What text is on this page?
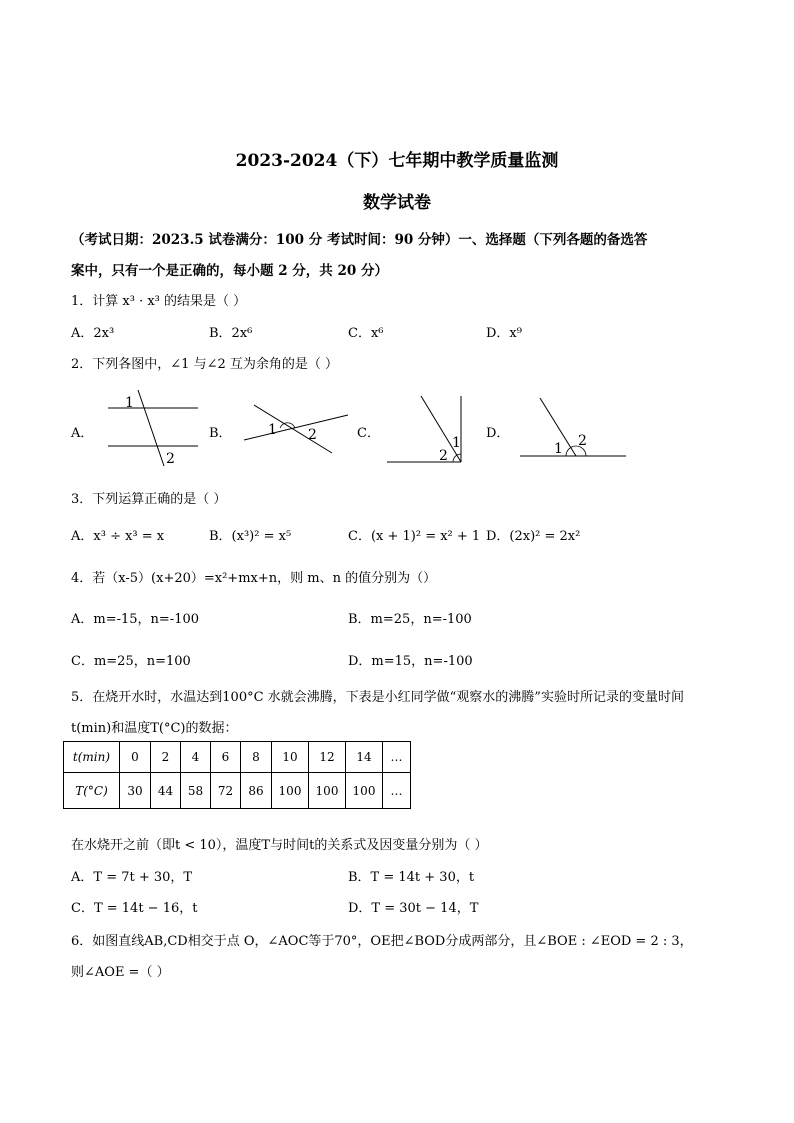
2023-2024（下）七年期中教学质量监测
数学试卷
（考试日期：2023.5 试卷满分：100 分 考试时间：90 分钟）一、选择题（下列各题的备选答
案中，只有一个是正确的，每小题 2 分，共 20 分）
1．计算 x³ · x³ 的结果是（ ）
A．2x³	B．2x⁶	C．x⁶	D．x⁹
2．下列各图中，∠1 与∠2 互为余角的是（ ）
A．	B．	C．	D．
1
2
1 2	1
2	1 2
3．下列运算正确的是（ ）
A．x³ ÷ x³ = x	B．(x³)² = x⁵	C．(x + 1)² = x² + 1 D．(2x)² = 2x²
4．若（x-5）(x+20）=x²+mx+n，则 m、n 的值分别为（）
A．m=-15，n=-100	B．m=25，n=-100
C．m=25，n=100	D．m=15，n=-100
5．在烧开水时，水温达到100°C 水就会沸腾，下表是小红同学做“观察水的沸腾”实验时所记录的变量时间
t(min)和温度T(°C)的数据：
t(min)	0	2	4	6	8	10	12	14	…
T(°C)	30	44	58	72	86	100	100	100	…
在水烧开之前（即t < 10），温度T与时间t的关系式及因变量分别为（ ）
A．T = 7t + 30，T	B．T = 14t + 30，t
C．T = 14t − 16，t	D．T = 30t − 14，T
6．如图直线AB,CD相交于点 O，∠AOC等于70°，OE把∠BOD分成两部分，且∠BOE : ∠EOD = 2 : 3，
则∠AOE =（ ）
